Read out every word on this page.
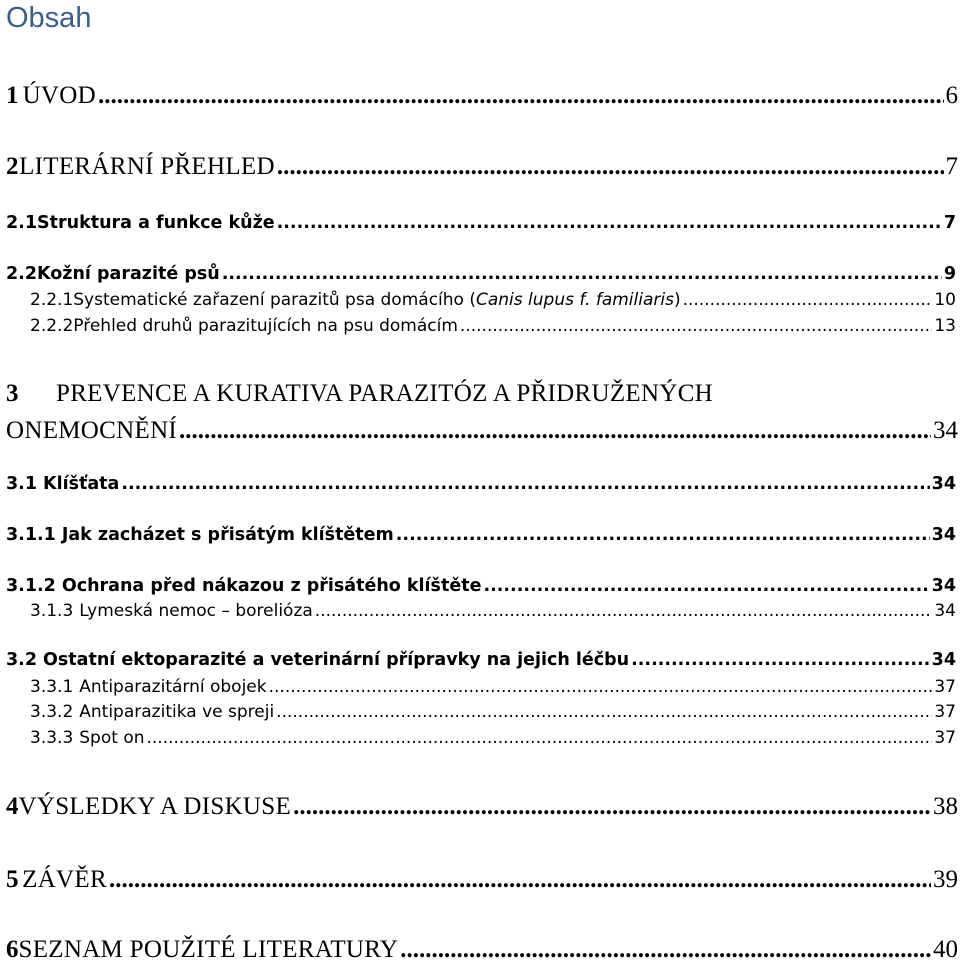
Obsah
1 ÚVOD .....	6
2 LITERÁRNÍ PŘEHLED .....	7
2.1 Struktura a funkce kůže .....	7
2.2 Kožní parazité psů .....	9
2.2.1 Systematické zařazení parazitů psa domácího (Canis lupus f. familiaris) .....	10
2.2.2 Přehled druhů parazitujících na psu domácím .....	13
3	PREVENCE A KURATIVA PARAZITÓZ A PŘIDRUŽENÝCH
ONEMOCNĚNÍ .....	34
3.1 Klíšťata .....	34
3.1.1 Jak zacházet s přisátým klíštětem .....	34
3.1.2 Ochrana před nákazou z přisátého klíštěte .....	34
3.1.3 Lymeská nemoc – borelióza .....	34
3.2 Ostatní ektoparazité a veterinární přípravky na jejich léčbu .....	34
3.3.1 Antiparazitární obojek .....	37
3.3.2 Antiparazitika ve spreji .....	37
3.3.3 Spot on .....	37
4 VÝSLEDKY A DISKUSE .....	38
5 ZÁVĚR .....	39
6 SEZNAM POUŽITÉ LITERATURY .....	40
